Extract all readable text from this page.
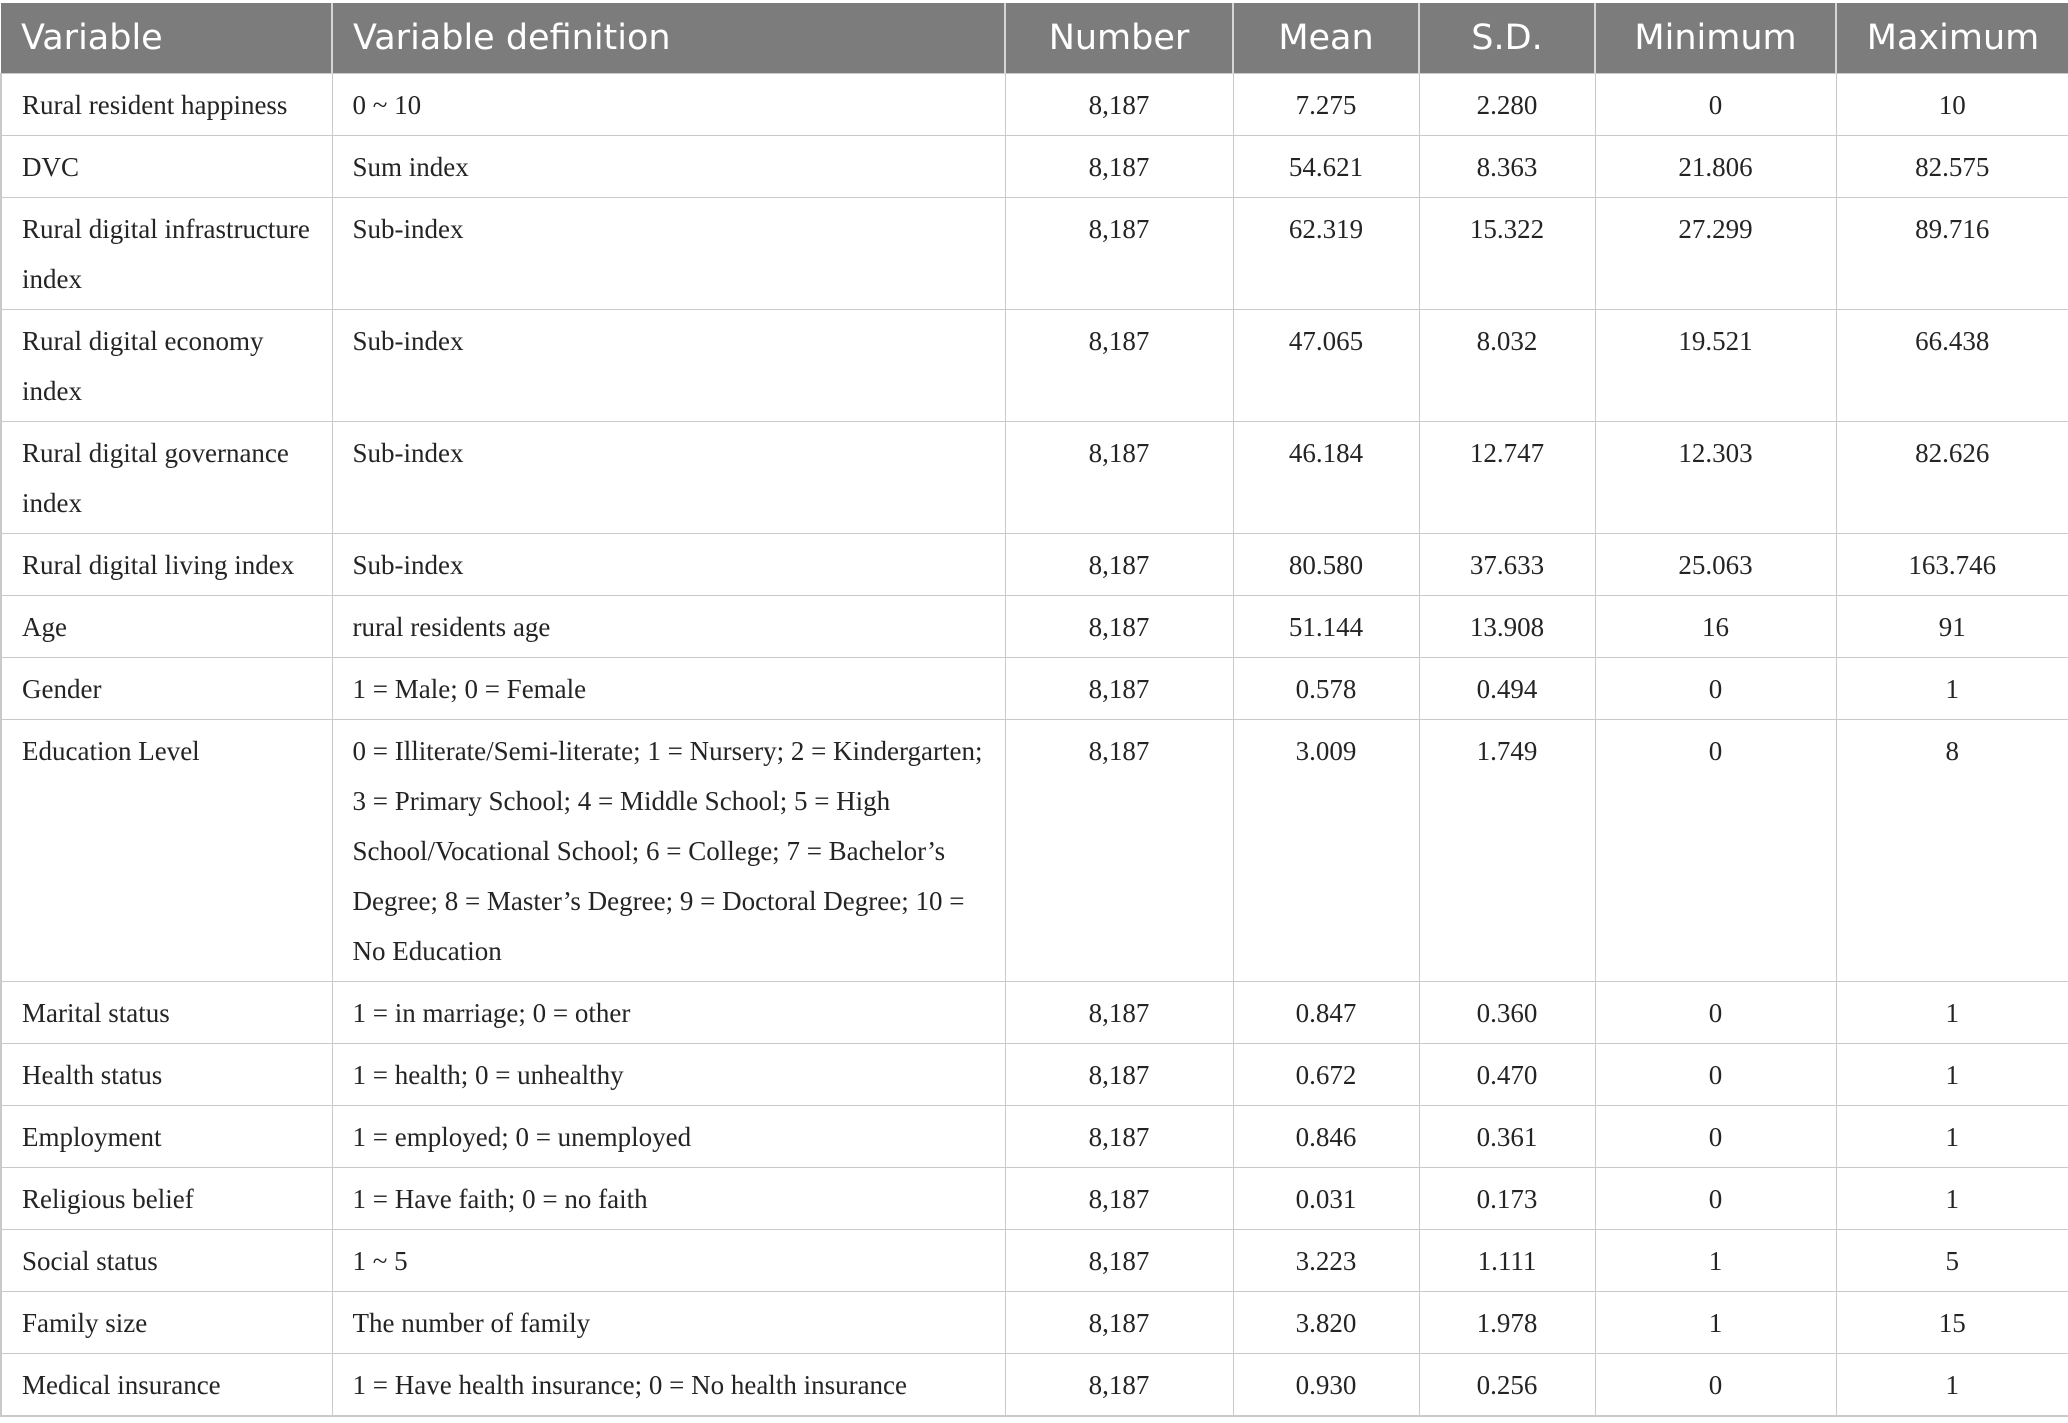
Variable	Variable definition	Number	Mean	S.D.	Minimum	Maximum
Rural resident happiness	0 ~ 10	8,187	7.275	2.280	0	10
DVC	Sum index	8,187	54.621	8.363	21.806	82.575
Rural digital infrastructure index	Sub-index	8,187	62.319	15.322	27.299	89.716
Rural digital economy index	Sub-index	8,187	47.065	8.032	19.521	66.438
Rural digital governance index	Sub-index	8,187	46.184	12.747	12.303	82.626
Rural digital living index	Sub-index	8,187	80.580	37.633	25.063	163.746
Age	rural residents age	8,187	51.144	13.908	16	91
Gender	1 = Male; 0 = Female	8,187	0.578	0.494	0	1
Education Level	0 = Illiterate/Semi-literate; 1 = Nursery; 2 = Kindergarten; 3 = Primary School; 4 = Middle School; 5 = High School/Vocational School; 6 = College; 7 = Bachelor’s Degree; 8 = Master’s Degree; 9 = Doctoral Degree; 10 = No Education	8,187	3.009	1.749	0	8
Marital status	1 = in marriage; 0 = other	8,187	0.847	0.360	0	1
Health status	1 = health; 0 = unhealthy	8,187	0.672	0.470	0	1
Employment	1 = employed; 0 = unemployed	8,187	0.846	0.361	0	1
Religious belief	1 = Have faith; 0 = no faith	8,187	0.031	0.173	0	1
Social status	1 ~ 5	8,187	3.223	1.111	1	5
Family size	The number of family	8,187	3.820	1.978	1	15
Medical insurance	1 = Have health insurance; 0 = No health insurance	8,187	0.930	0.256	0	1
